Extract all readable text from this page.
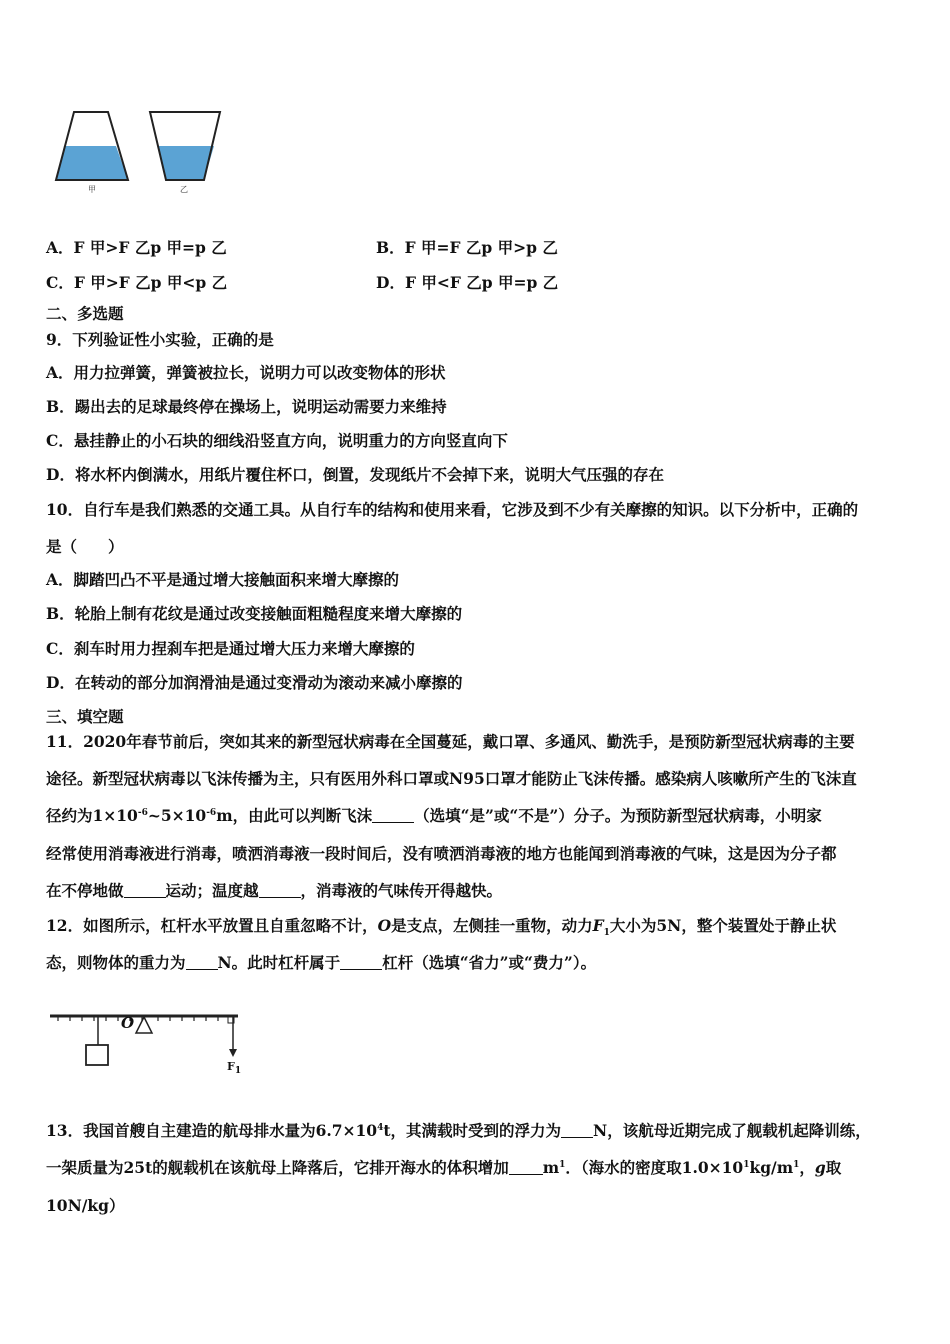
甲	乙
A．F 甲>F 乙p 甲=p 乙	B．F 甲=F 乙p 甲>p 乙
C．F 甲>F 乙p 甲<p 乙	D．F 甲<F 乙p 甲=p 乙
二、多选题
9．下列验证性小实验，正确的是
A．用力拉弹簧，弹簧被拉长，说明力可以改变物体的形状
B．踢出去的足球最终停在操场上，说明运动需要力来维持
C．悬挂静止的小石块的细线沿竖直方向，说明重力的方向竖直向下
D．将水杯内倒满水，用纸片覆住杯口，倒置，发现纸片不会掉下来，说明大气压强的存在
10．自行车是我们熟悉的交通工具。从自行车的结构和使用来看，它涉及到不少有关摩擦的知识。以下分析中，正确的
是（　　）
A．脚踏凹凸不平是通过增大接触面积来增大摩擦的
B．轮胎上制有花纹是通过改变接触面粗糙程度来增大摩擦的
C．刹车时用力捏刹车把是通过增大压力来增大摩擦的
D．在转动的部分加润滑油是通过变滑动为滚动来减小摩擦的
三、填空题
11．2020年春节前后，突如其来的新型冠状病毒在全国蔓延，戴口罩、多通风、勤洗手，是预防新型冠状病毒的主要
途径。新型冠状病毒以飞沫传播为主，只有医用外科口罩或N95口罩才能防止飞沫传播。感染病人咳嗽所产生的飞沫直
径约为$1\times 10^{-6}\sim 5\times 10^{-6}m$，由此可以判断飞沫	（选填“是”或“不是”）分子。为预防新型冠状病毒，小明家
经常使用消毒液进行消毒，喷洒消毒液一段时间后，没有喷洒消毒液的地方也能闻到消毒液的气味，这是因为分子都
在不停地做	运动；温度越	，消毒液的气味传开得越快。
12．如图所示，杠杆水平放置且自重忽略不计，O是支点，左侧挂一重物，动力$F_1$大小为5N，整个装置处于静止状
态，则物体的重力为 N。此时杠杆属于	杠杆（选填“省力”或“费力”）。
O
$F_1$
13．我国首艘自主建造的航母排水量为$6.7\times 10^4t$，其满载时受到的浮力为 N，该航母近期完成了舰载机起降训练，
一架质量为25t的舰载机在该航母上降落后，它排开海水的体积增加 $m^1$．（海水的密度取$1.0\times 10^1kg/m^1$，g取
10N/kg）
